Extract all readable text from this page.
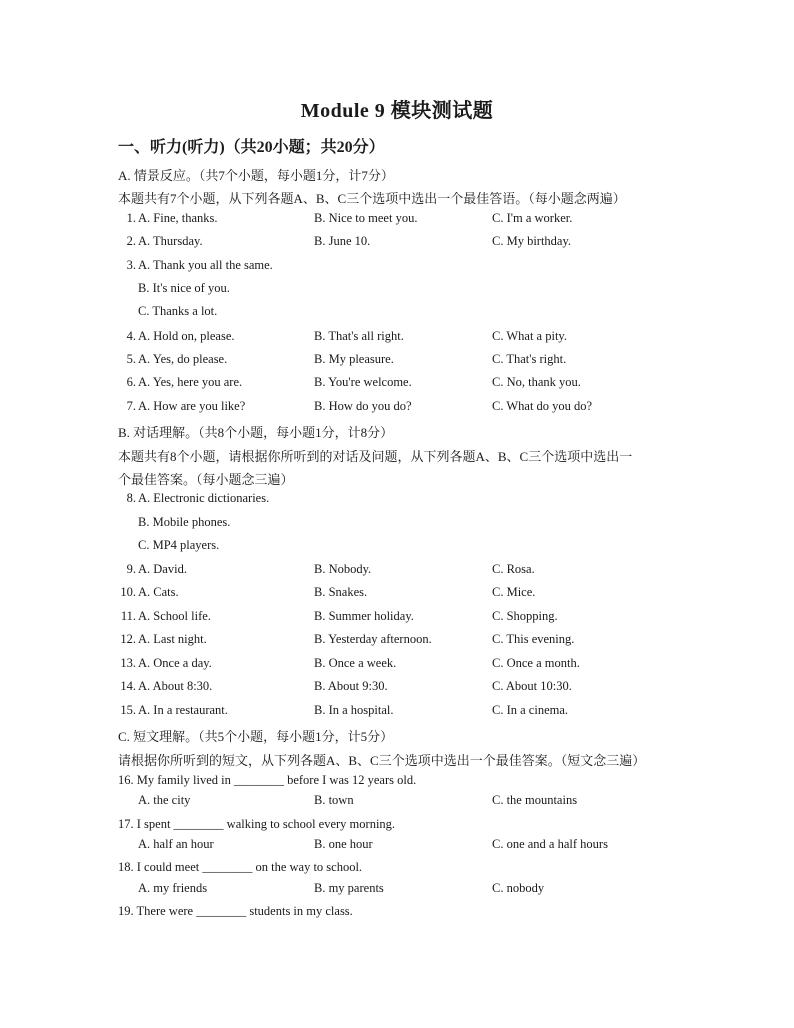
Module 9 模块测试题
一、听力(听力)（共20小题；共20分）
A. 情景反应。（共7个小题，每小题1分，计7分）
本题共有7个小题，从下列各题A、B、C三个选项中选出一个最佳答语。（每小题念两遍）
1. A. Fine, thanks.	B. Nice to meet you.	C. I'm a worker.
2. A. Thursday.	B. June 10.	C. My birthday.
3. A. Thank you all the same.
B. It's nice of you.
C. Thanks a lot.
4. A. Hold on, please.	B. That's all right.	C. What a pity.
5. A. Yes, do please.	B. My pleasure.	C. That's right.
6. A. Yes, here you are.	B. You're welcome.	C. No, thank you.
7. A. How are you like?	B. How do you do?	C. What do you do?
B. 对话理解。（共8个小题，每小题1分，计8分）
本题共有8个小题，请根据你所听到的对话及问题，从下列各题A、B、C三个选项中选出一
个最佳答案。（每小题念三遍）
8. A. Electronic dictionaries.
B. Mobile phones.
C. MP4 players.
9. A. David.	B. Nobody.	C. Rosa.
10. A. Cats.	B. Snakes.	C. Mice.
11. A. School life.	B. Summer holiday.	C. Shopping.
12. A. Last night.	B. Yesterday afternoon.	C. This evening.
13. A. Once a day.	B. Once a week.	C. Once a month.
14. A. About 8:30.	B. About 9:30.	C. About 10:30.
15. A. In a restaurant.	B. In a hospital.	C. In a cinema.
C. 短文理解。（共5个小题，每小题1分，计5分）
请根据你所听到的短文，从下列各题A、B、C三个选项中选出一个最佳答案。（短文念三遍）
16. My family lived in ________ before I was 12 years old.
A. the city	B. town	C. the mountains
17. I spent ________ walking to school every morning.
A. half an hour	B. one hour	C. one and a half hours
18. I could meet ________ on the way to school.
A. my friends	B. my parents	C. nobody
19. There were ________ students in my class.
